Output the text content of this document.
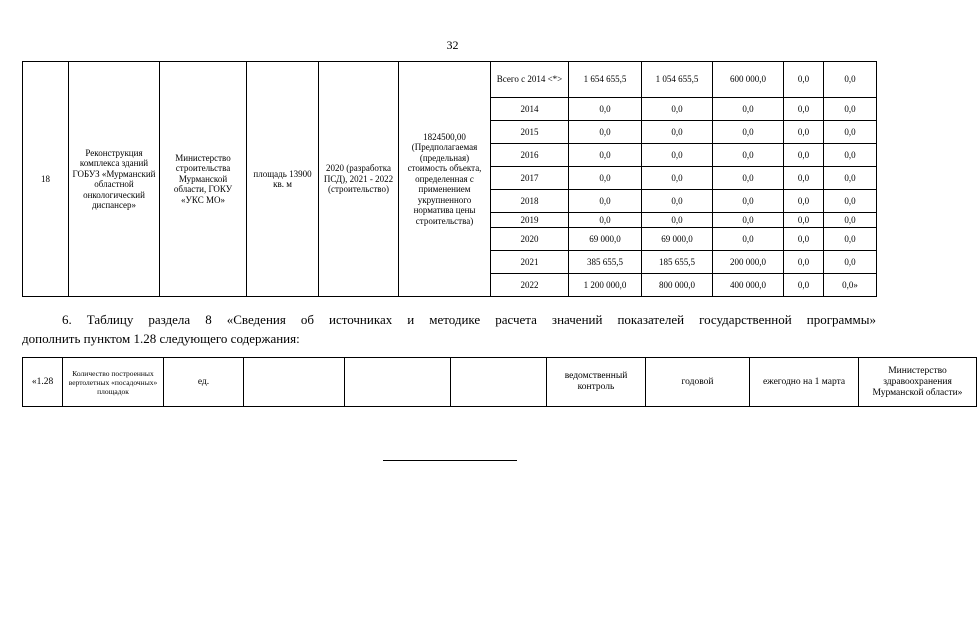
32
18	Реконструкция комплекса зданий ГОБУЗ «Мурманский областной онкологический диспансер»	Министерство строительства Мурманской области, ГОКУ «УКС МО»	площадь 13900 кв. м	2020 (разработка ПСД), 2021 - 2022 (строительство)	1824500,00 (Предполагаемая (предельная) стоимость объекта, определенная с применением укрупненного норматива цены строительства)	Всего с 2014 <*>	1 654 655,5	1 054 655,5	600 000,0	0,0	0,0
						2014	0,0	0,0	0,0	0,0	0,0
						2015	0,0	0,0	0,0	0,0	0,0
						2016	0,0	0,0	0,0	0,0	0,0
						2017	0,0	0,0	0,0	0,0	0,0
						2018	0,0	0,0	0,0	0,0	0,0
						2019	0,0	0,0	0,0	0,0	0,0
						2020	69 000,0	69 000,0	0,0	0,0	0,0
						2021	385 655,5	185 655,5	200 000,0	0,0	0,0
						2022	1 200 000,0	800 000,0	400 000,0	0,0	0,0»
6. Таблицу раздела 8 «Сведения об источниках и методике расчета значений показателей государственной программы»
дополнить пунктом 1.28 следующего содержания:
«1.28	Количество построенных вертолетных «посадочных» площадок	ед.				ведомственный контроль	годовой	ежегодно на 1 марта	Министерство здравоохранения Мурманской области»
